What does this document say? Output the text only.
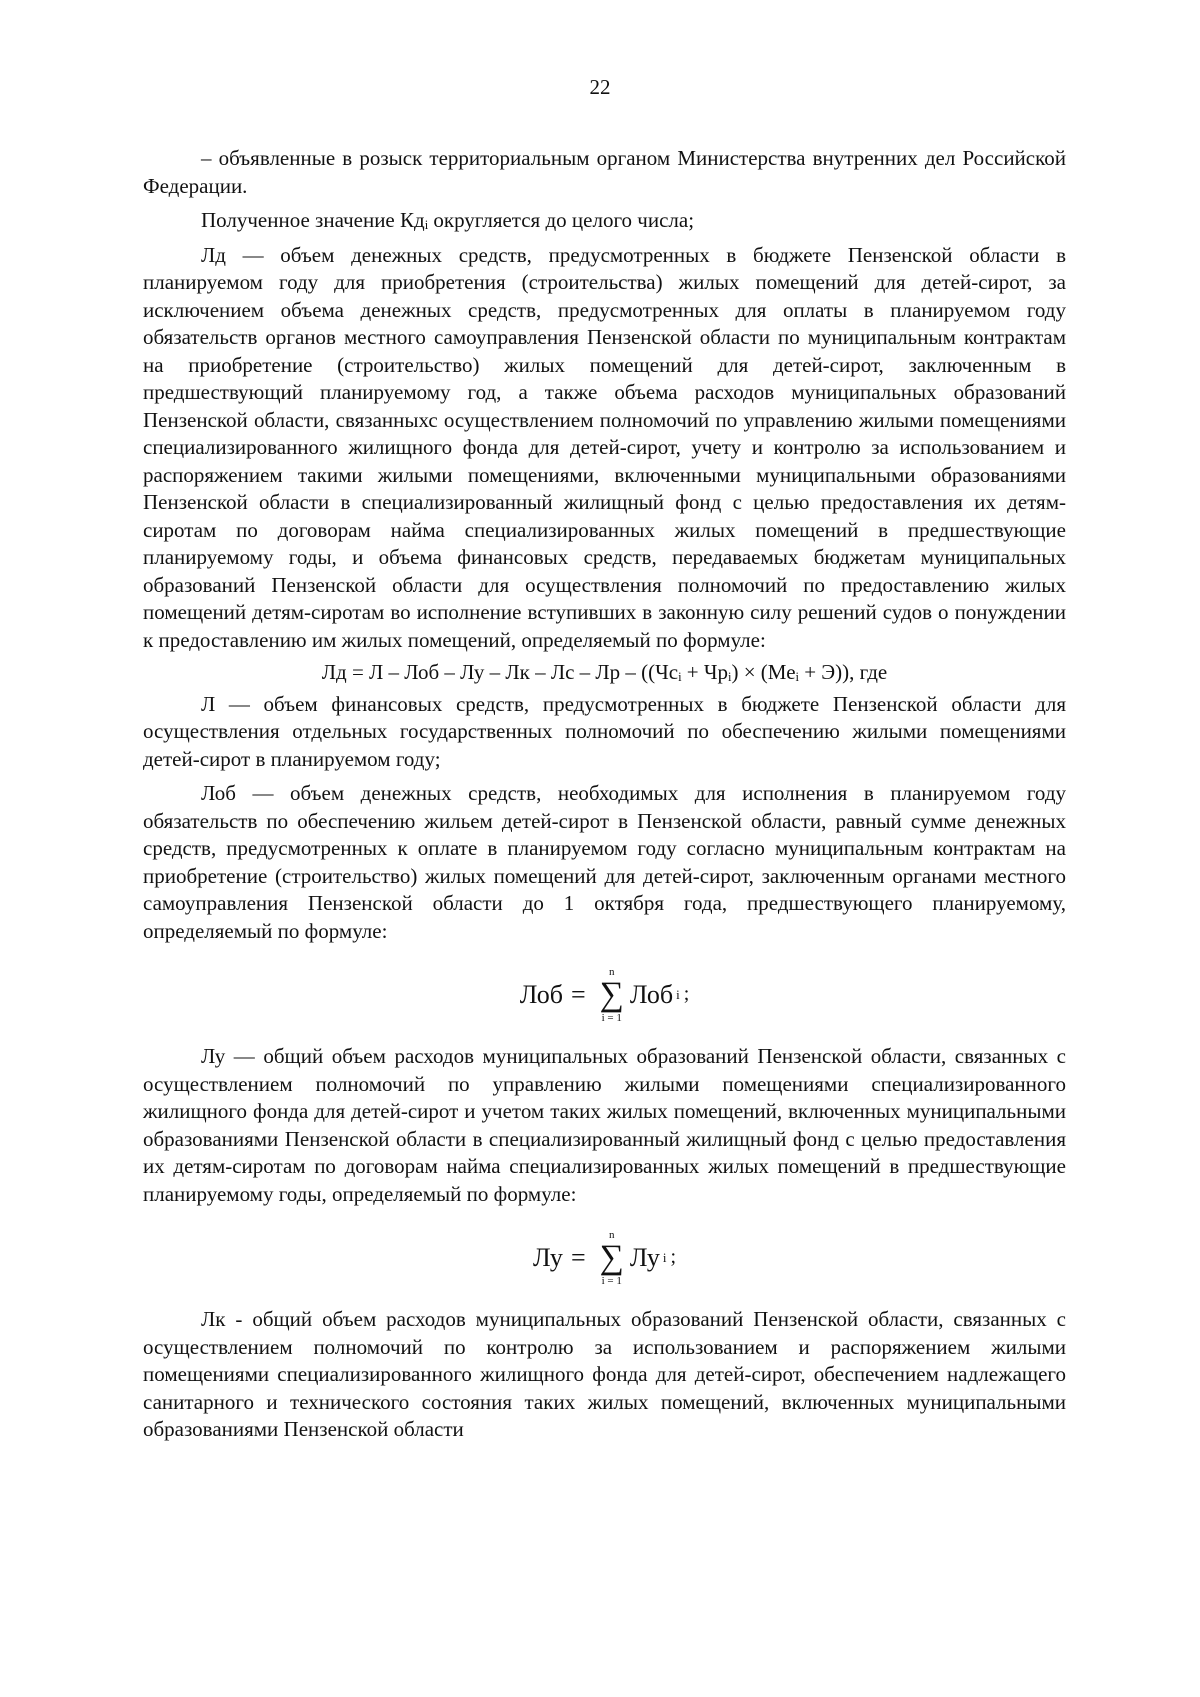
22

– объявленные в розыск территориальным органом Министерства внутренних дел Российской Федерации.

Полученное значение Кдᵢ округляется до целого числа;

Лд — объем денежных средств, предусмотренных в бюджете Пензенской области в планируемом году для приобретения (строительства) жилых помещений для детей-сирот, за исключением объема денежных средств, предусмотренных для оплаты в планируемом году обязательств органов местного самоуправления Пензенской области по муниципальным контрактам на приобретение (строительство) жилых помещений для детей-сирот, заключенным в предшествующий планируемому год, а также объема расходов муниципальных образований Пензенской области, связанныхс осуществлением полномочий по управлению жилыми помещениями специализированного жилищного фонда для детей-сирот, учету и контролю за использованием и распоряжением такими жилыми помещениями, включенными муниципальными образованиями Пензенской области в специализированный жилищный фонд с целью предоставления их детям-сиротам по договорам найма специализированных жилых помещений в предшествующие планируемому годы, и объема финансовых средств, передаваемых бюджетам муниципальных образований Пензенской области для осуществления полномочий по предоставлению жилых помещений детям-сиротам во исполнение вступивших в законную силу решений судов о понуждении к предоставлению им жилых помещений, определяемый по формуле:

Лд = Л – Лоб – Лу – Лк – Лс – Лр – ((Чсᵢ + Чрᵢ) × (Меᵢ + Э)), где

Л — объем финансовых средств, предусмотренных в бюджете Пензенской области для осуществления отдельных государственных полномочий по обеспечению жилыми помещениями детей-сирот в планируемом году;

Лоб — объем денежных средств, необходимых для исполнения в планируемом году обязательств по обеспечению жильем детей-сирот в Пензенской области, равный сумме денежных средств, предусмотренных к оплате в планируемом году согласно муниципальным контрактам на приобретение (строительство) жилых помещений для детей-сирот, заключенным органами местного самоуправления Пензенской области до 1 октября года, предшествующего планируемому, определяемый по формуле:

Лоб =
n
∑
i = 1
Лоб i ;

Лу — общий объем расходов муниципальных образований Пензенской области, связанных с осуществлением полномочий по управлению жилыми помещениями специализированного жилищного фонда для детей-сирот и учетом таких жилых помещений, включенных муниципальными образованиями Пензенской области в специализированный жилищный фонд с целью предоставления их детям-сиротам по договорам найма специализированных жилых помещений в предшествующие планируемому годы, определяемый по формуле:

Лу =
n
∑
i = 1
Лу i ;

Лк - общий объем расходов муниципальных образований Пензенской области, связанных с осуществлением полномочий по контролю за использованием и распоряжением жилыми помещениями специализированного жилищного фонда для детей-сирот, обеспечением надлежащего санитарного и технического состояния таких жилых помещений, включенных муниципальными образованиями Пензенской области
